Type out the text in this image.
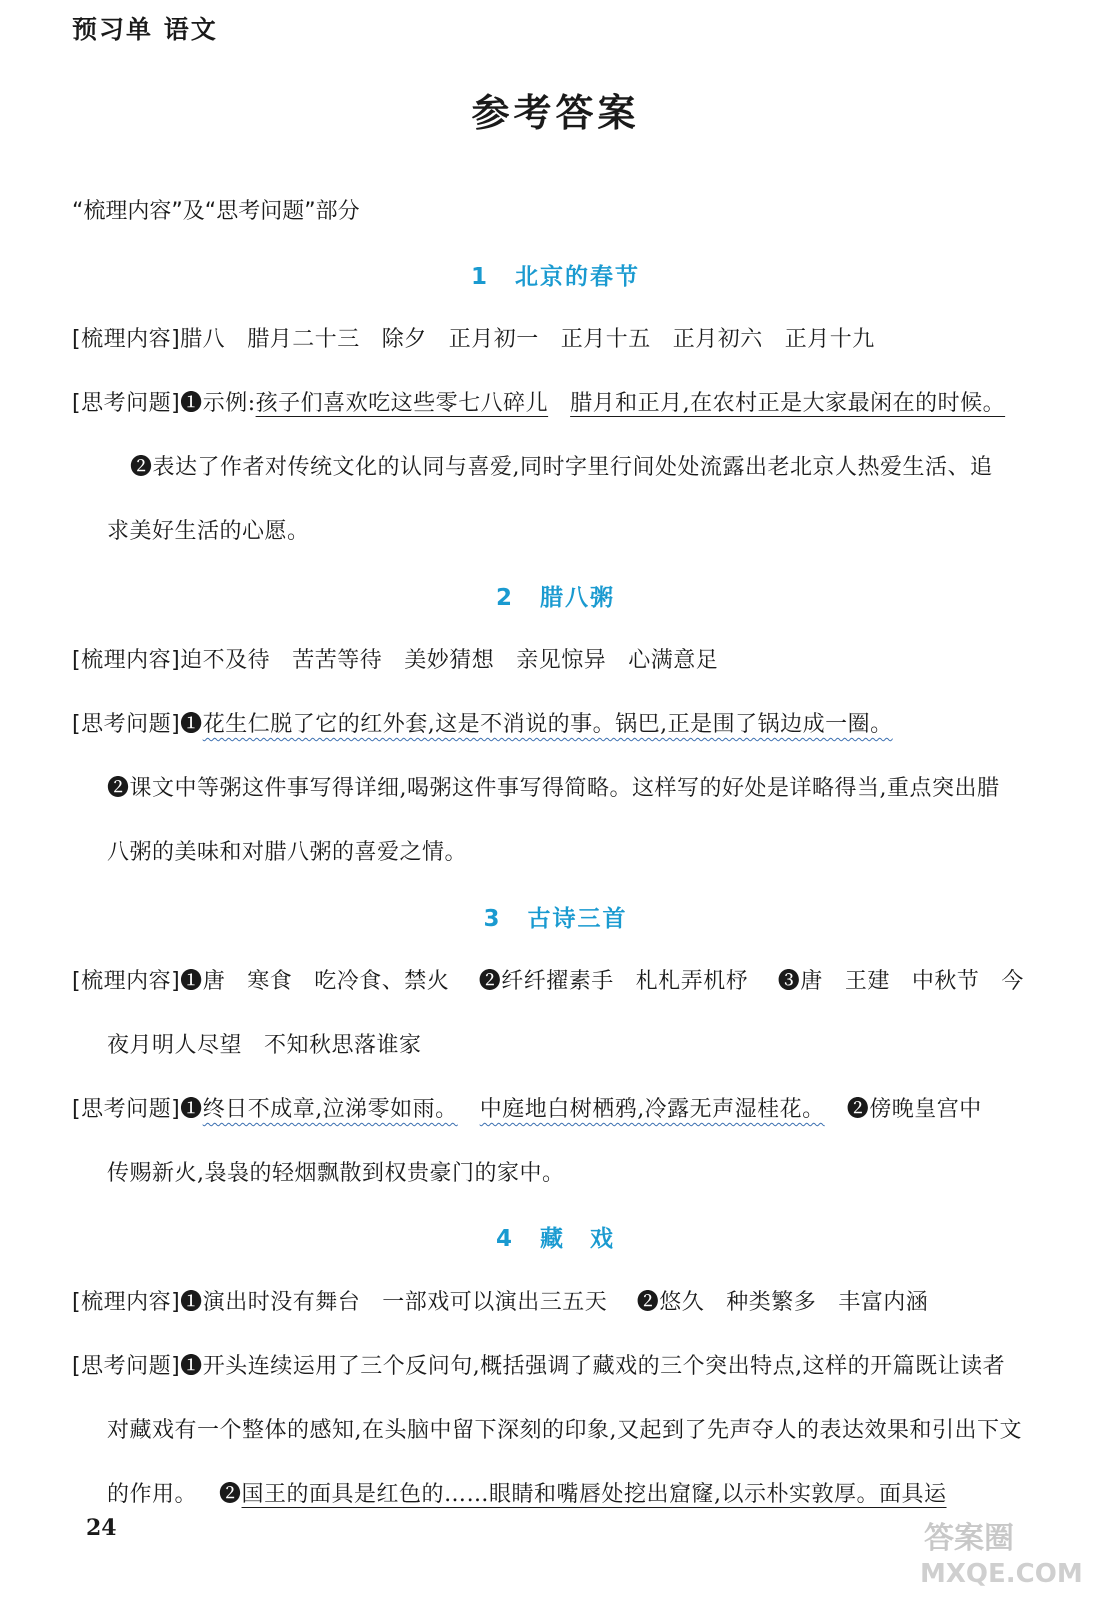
预习单 语文
参考答案
“梳理内容”及“思考问题”部分
1 北京的春节
[梳理内容]腊八 腊月二十三 除夕 正月初一 正月十五 正月初六 正月十九
[思考问题]❶示例:孩子们喜欢吃这些零七八碎儿 腊月和正月,在农村正是大家最闲在的时候。
❷表达了作者对传统文化的认同与喜爱,同时字里行间处处流露出老北京人热爱生活、追
求美好生活的心愿。
2 腊八粥
[梳理内容]迫不及待 苦苦等待 美妙猜想 亲见惊异 心满意足
[思考问题]❶花生仁脱了它的红外套,这是不消说的事。锅巴,正是围了锅边成一圈。
❷课文中等粥这件事写得详细,喝粥这件事写得简略。这样写的好处是详略得当,重点突出腊
八粥的美味和对腊八粥的喜爱之情。
3 古诗三首
[梳理内容]❶唐 寒食 吃冷食、禁火 ❷纤纤擢素手 札札弄机杼 ❸唐 王建 中秋节 今
夜月明人尽望 不知秋思落谁家
[思考问题]❶终日不成章,泣涕零如雨。 中庭地白树栖鸦,冷露无声湿桂花。 ❷傍晚皇宫中
传赐新火,袅袅的轻烟飘散到权贵豪门的家中。
4 藏　戏
[梳理内容]❶演出时没有舞台 一部戏可以演出三五天 ❷悠久 种类繁多 丰富内涵
[思考问题]❶开头连续运用了三个反问句,概括强调了藏戏的三个突出特点,这样的开篇既让读者
对藏戏有一个整体的感知,在头脑中留下深刻的印象,又起到了先声夺人的表达效果和引出下文
的作用。 ❷国王的面具是红色的……眼睛和嘴唇处挖出窟窿,以示朴实敦厚。面具运
24	答案圈
MXQE.COM
